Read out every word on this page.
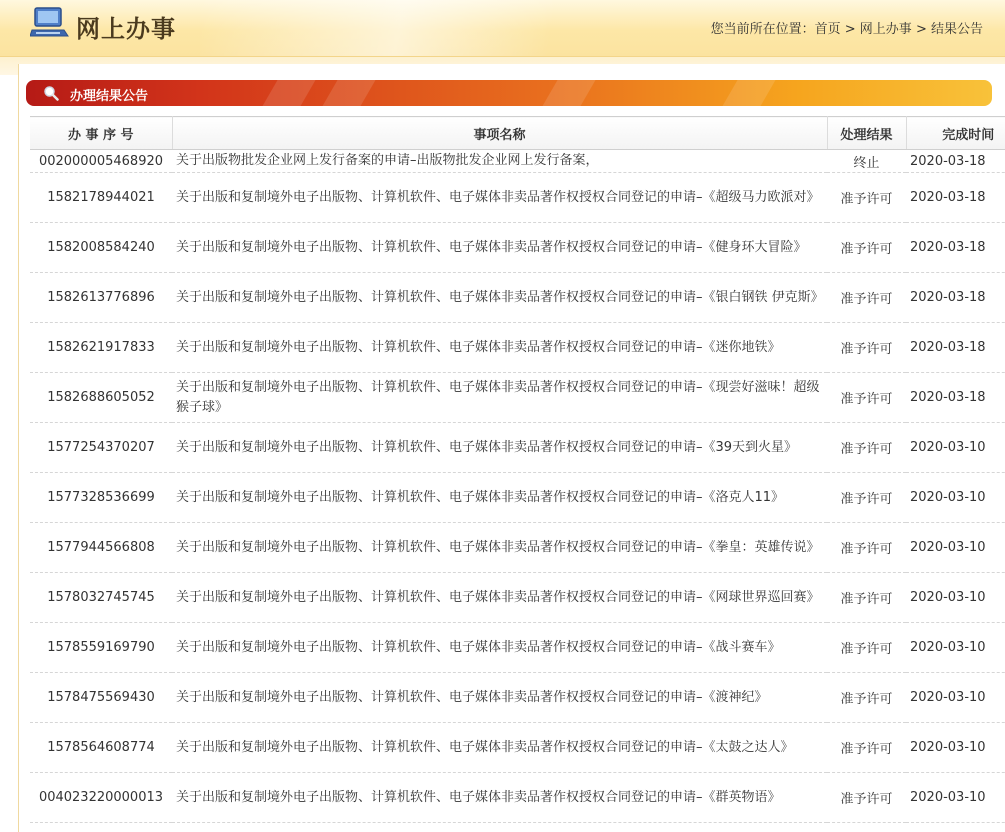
网上办事	您当前所在位置：首页 > 网上办事 > 结果公告
办理结果公告
办 事 序 号	事项名称	处理结果	完成时间
002000005468920	关于出版物批发企业网上发行备案的申请–出版物批发企业网上发行备案，	终止	2020-03-18
1582178944021	关于出版和复制境外电子出版物、计算机软件、电子媒体非卖品著作权授权合同登记的申请–《超级马力欧派对》	准予许可	2020-03-18
1582008584240	关于出版和复制境外电子出版物、计算机软件、电子媒体非卖品著作权授权合同登记的申请–《健身环大冒险》	准予许可	2020-03-18
1582613776896	关于出版和复制境外电子出版物、计算机软件、电子媒体非卖品著作权授权合同登记的申请–《银白钢铁 伊克斯》	准予许可	2020-03-18
1582621917833	关于出版和复制境外电子出版物、计算机软件、电子媒体非卖品著作权授权合同登记的申请–《迷你地铁》	准予许可	2020-03-18
1582688605052	关于出版和复制境外电子出版物、计算机软件、电子媒体非卖品著作权授权合同登记的申请–《现尝好滋味！超级猴子球》	准予许可	2020-03-18
1577254370207	关于出版和复制境外电子出版物、计算机软件、电子媒体非卖品著作权授权合同登记的申请–《39天到火星》	准予许可	2020-03-10
1577328536699	关于出版和复制境外电子出版物、计算机软件、电子媒体非卖品著作权授权合同登记的申请–《洛克人11》	准予许可	2020-03-10
1577944566808	关于出版和复制境外电子出版物、计算机软件、电子媒体非卖品著作权授权合同登记的申请–《拳皇：英雄传说》	准予许可	2020-03-10
1578032745745	关于出版和复制境外电子出版物、计算机软件、电子媒体非卖品著作权授权合同登记的申请–《网球世界巡回赛》	准予许可	2020-03-10
1578559169790	关于出版和复制境外电子出版物、计算机软件、电子媒体非卖品著作权授权合同登记的申请–《战斗赛车》	准予许可	2020-03-10
1578475569430	关于出版和复制境外电子出版物、计算机软件、电子媒体非卖品著作权授权合同登记的申请–《渡神纪》	准予许可	2020-03-10
1578564608774	关于出版和复制境外电子出版物、计算机软件、电子媒体非卖品著作权授权合同登记的申请–《太鼓之达人》	准予许可	2020-03-10
004023220000013	关于出版和复制境外电子出版物、计算机软件、电子媒体非卖品著作权授权合同登记的申请–《群英物语》	准予许可	2020-03-10
